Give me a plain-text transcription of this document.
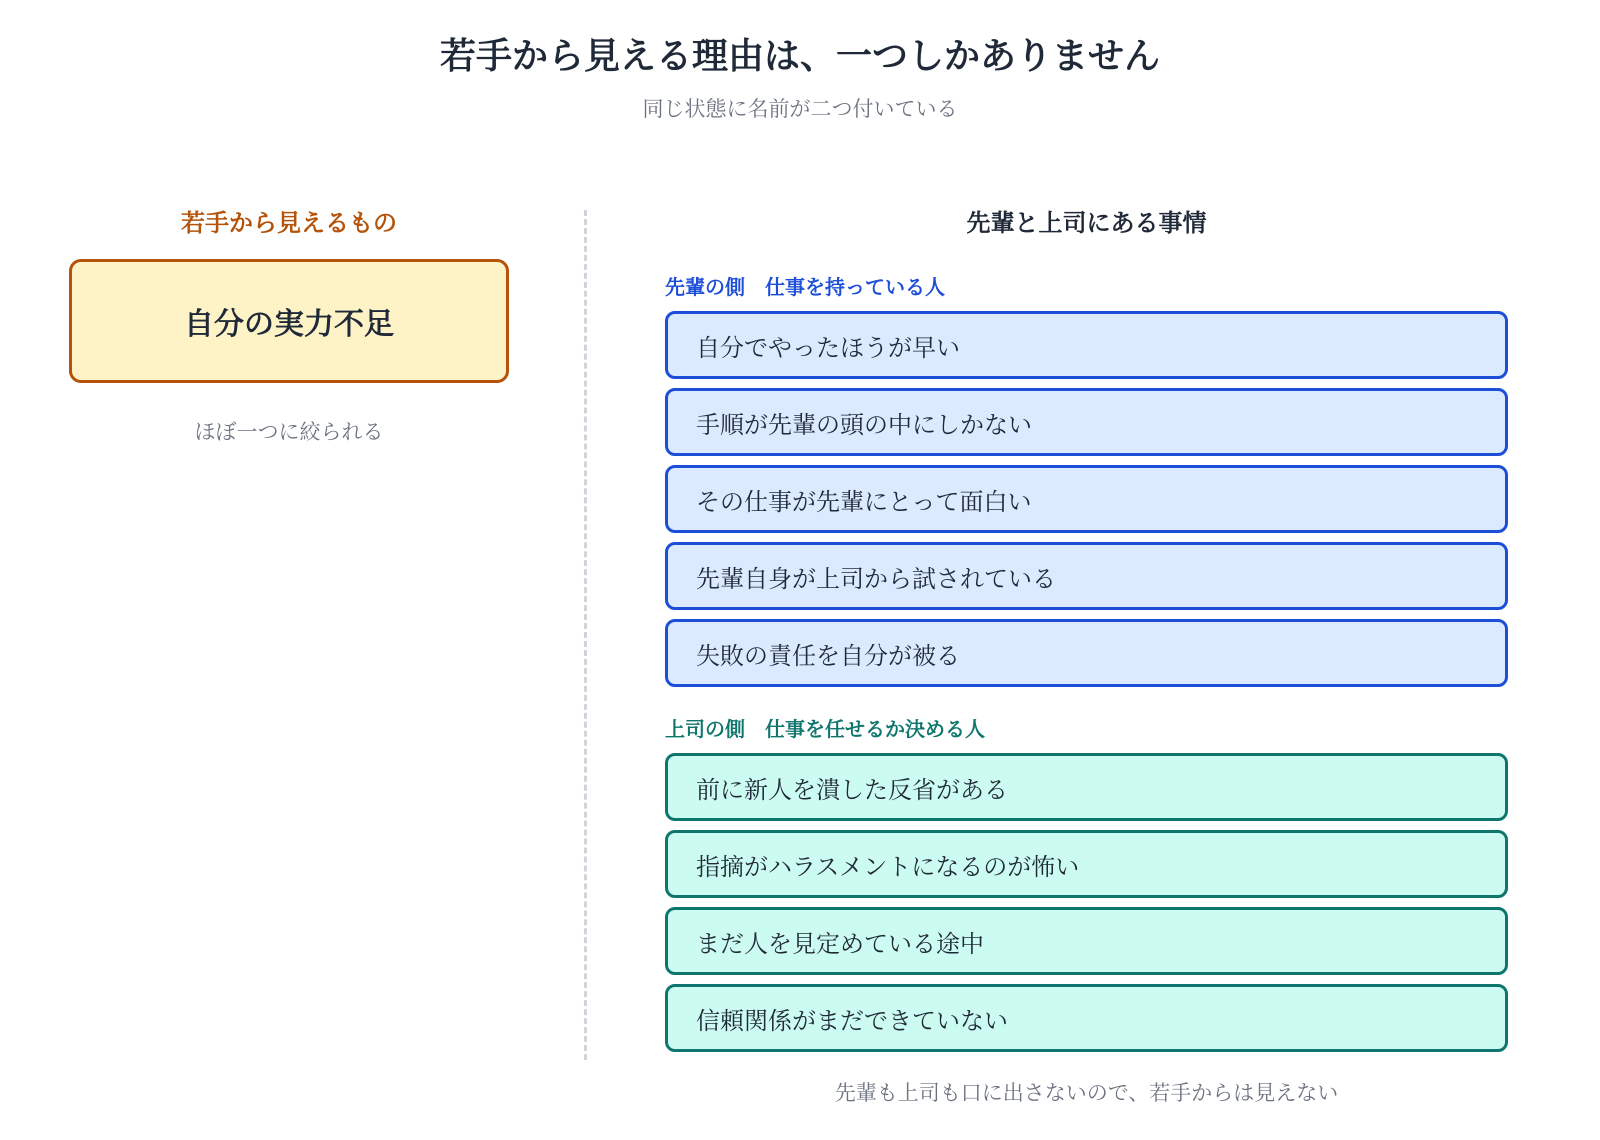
若手から見える理由は、一つしかありません
同じ状態に名前が二つ付いている
若手から見えるもの
自分の実力不足
ほぼ一つに絞られる
先輩と上司にある事情
先輩の側　仕事を持っている人
自分でやったほうが早い
手順が先輩の頭の中にしかない
その仕事が先輩にとって面白い
先輩自身が上司から試されている
失敗の責任を自分が被る
上司の側　仕事を任せるか決める人
前に新人を潰した反省がある
指摘がハラスメントになるのが怖い
まだ人を見定めている途中
信頼関係がまだできていない
先輩も上司も口に出さないので、若手からは見えない
